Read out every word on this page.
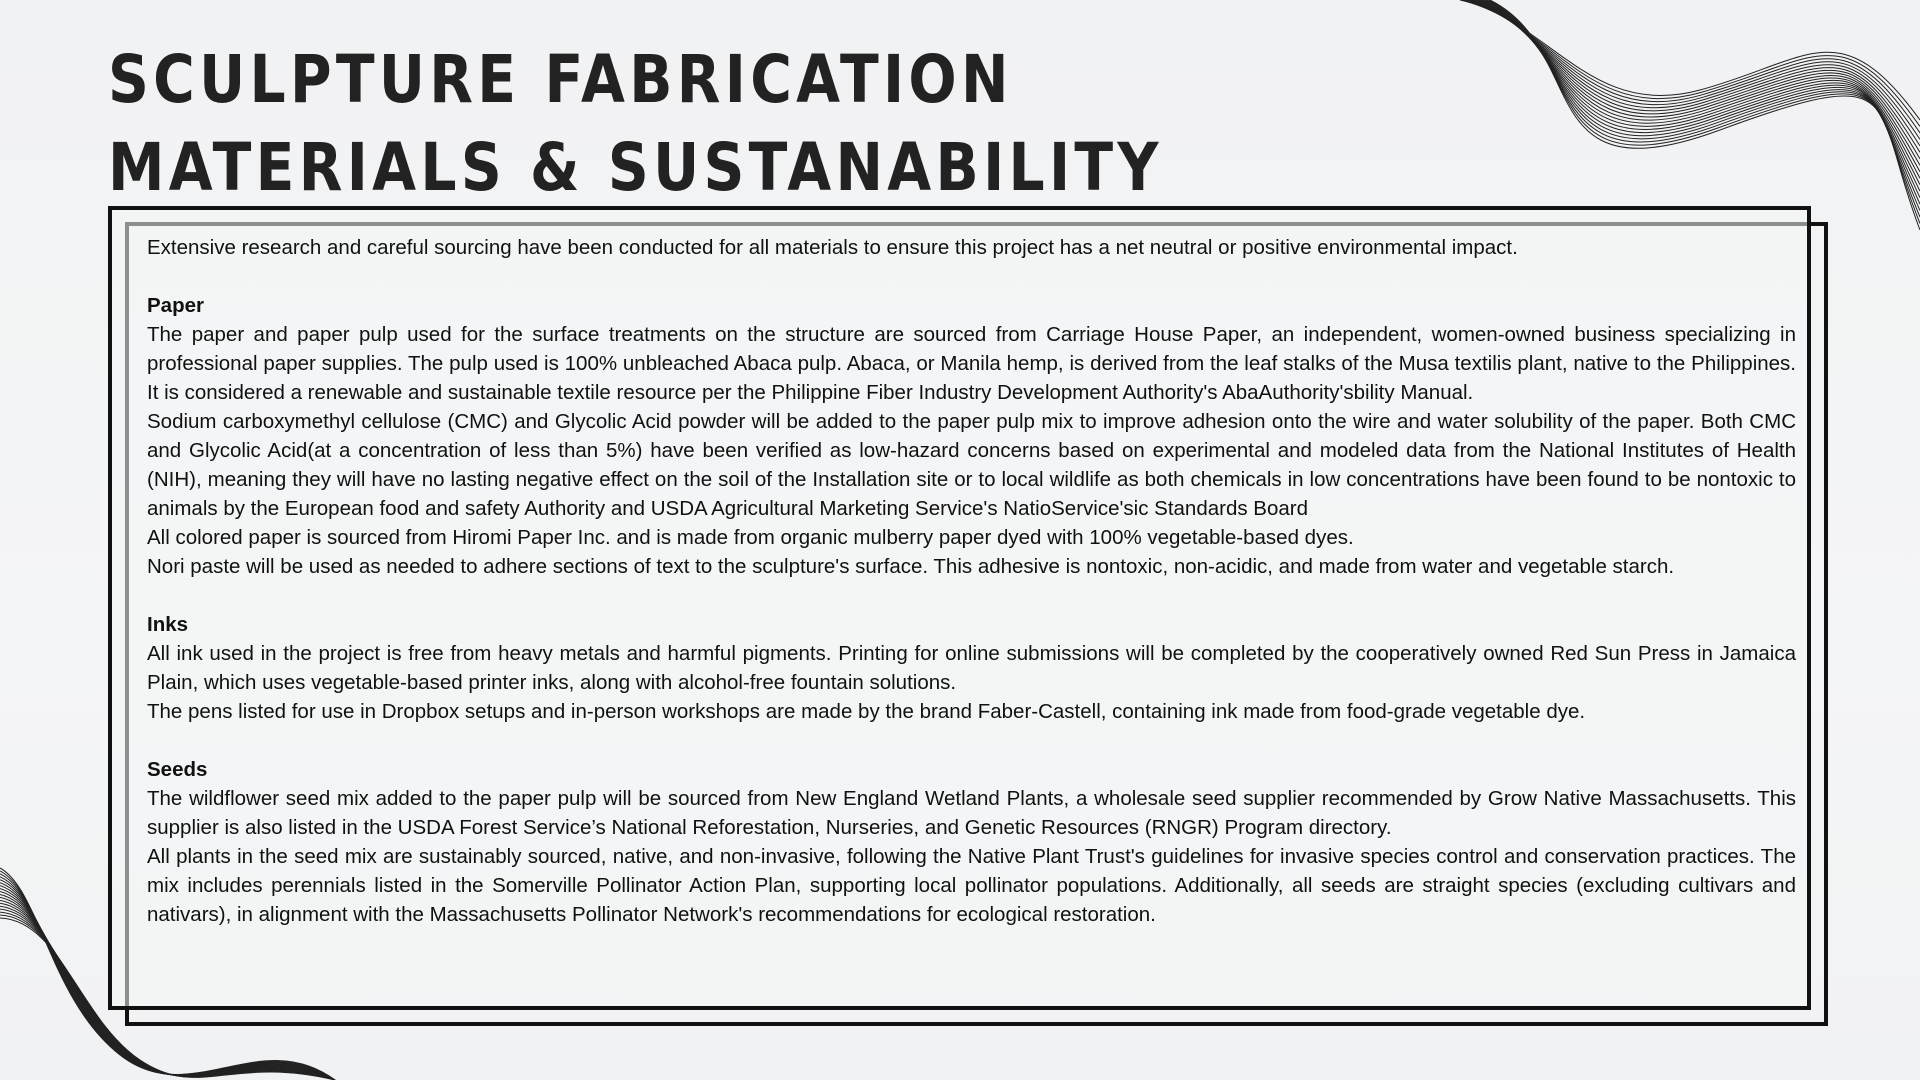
SCULPTURE FABRICATION
MATERIALS & SUSTANABILITY

Extensive research and careful sourcing have been conducted for all materials to ensure this project has a net neutral or positive environmental impact.

Paper

The paper and paper pulp used for the surface treatments on the structure are sourced from Carriage House Paper, an independent, women-owned business specializing in professional paper supplies. The pulp used is 100% unbleached Abaca pulp. Abaca, or Manila hemp, is derived from the leaf stalks of the Musa textilis plant, native to the Philippines. It is considered a renewable and sustainable textile resource per the Philippine Fiber Industry Development Authority's AbaAuthority'sbility Manual.

Sodium carboxymethyl cellulose (CMC) and Glycolic Acid powder will be added to the paper pulp mix to improve adhesion onto the wire and water solubility of the paper. Both CMC and Glycolic Acid(at a concentration of less than 5%) have been verified as low-hazard concerns based on experimental and modeled data from the National Institutes of Health (NIH), meaning they will have no lasting negative effect on the soil of the Installation site or to local wildlife as both chemicals in low concentrations have been found to be nontoxic to animals by the European food and safety Authority and USDA Agricultural Marketing Service's NatioService'sic Standards Board

All colored paper is sourced from Hiromi Paper Inc. and is made from organic mulberry paper dyed with 100% vegetable-based dyes.

Nori paste will be used as needed to adhere sections of text to the sculpture's surface. This adhesive is nontoxic, non-acidic, and made from water and vegetable starch.

Inks

All ink used in the project is free from heavy metals and harmful pigments. Printing for online submissions will be completed by the cooperatively owned Red Sun Press in Jamaica Plain, which uses vegetable-based printer inks, along with alcohol-free fountain solutions.

The pens listed for use in Dropbox setups and in-person workshops are made by the brand Faber-Castell, containing ink made from food-grade vegetable dye.

Seeds

The wildflower seed mix added to the paper pulp will be sourced from New England Wetland Plants, a wholesale seed supplier recommended by Grow Native Massachusetts. This supplier is also listed in the USDA Forest Service’s National Reforestation, Nurseries, and Genetic Resources (RNGR) Program directory.

All plants in the seed mix are sustainably sourced, native, and non-invasive, following the Native Plant Trust's guidelines for invasive species control and conservation practices. The mix includes perennials listed in the Somerville Pollinator Action Plan, supporting local pollinator populations. Additionally, all seeds are straight species (excluding cultivars and nativars), in alignment with the Massachusetts Pollinator Network's recommendations for ecological restoration.
